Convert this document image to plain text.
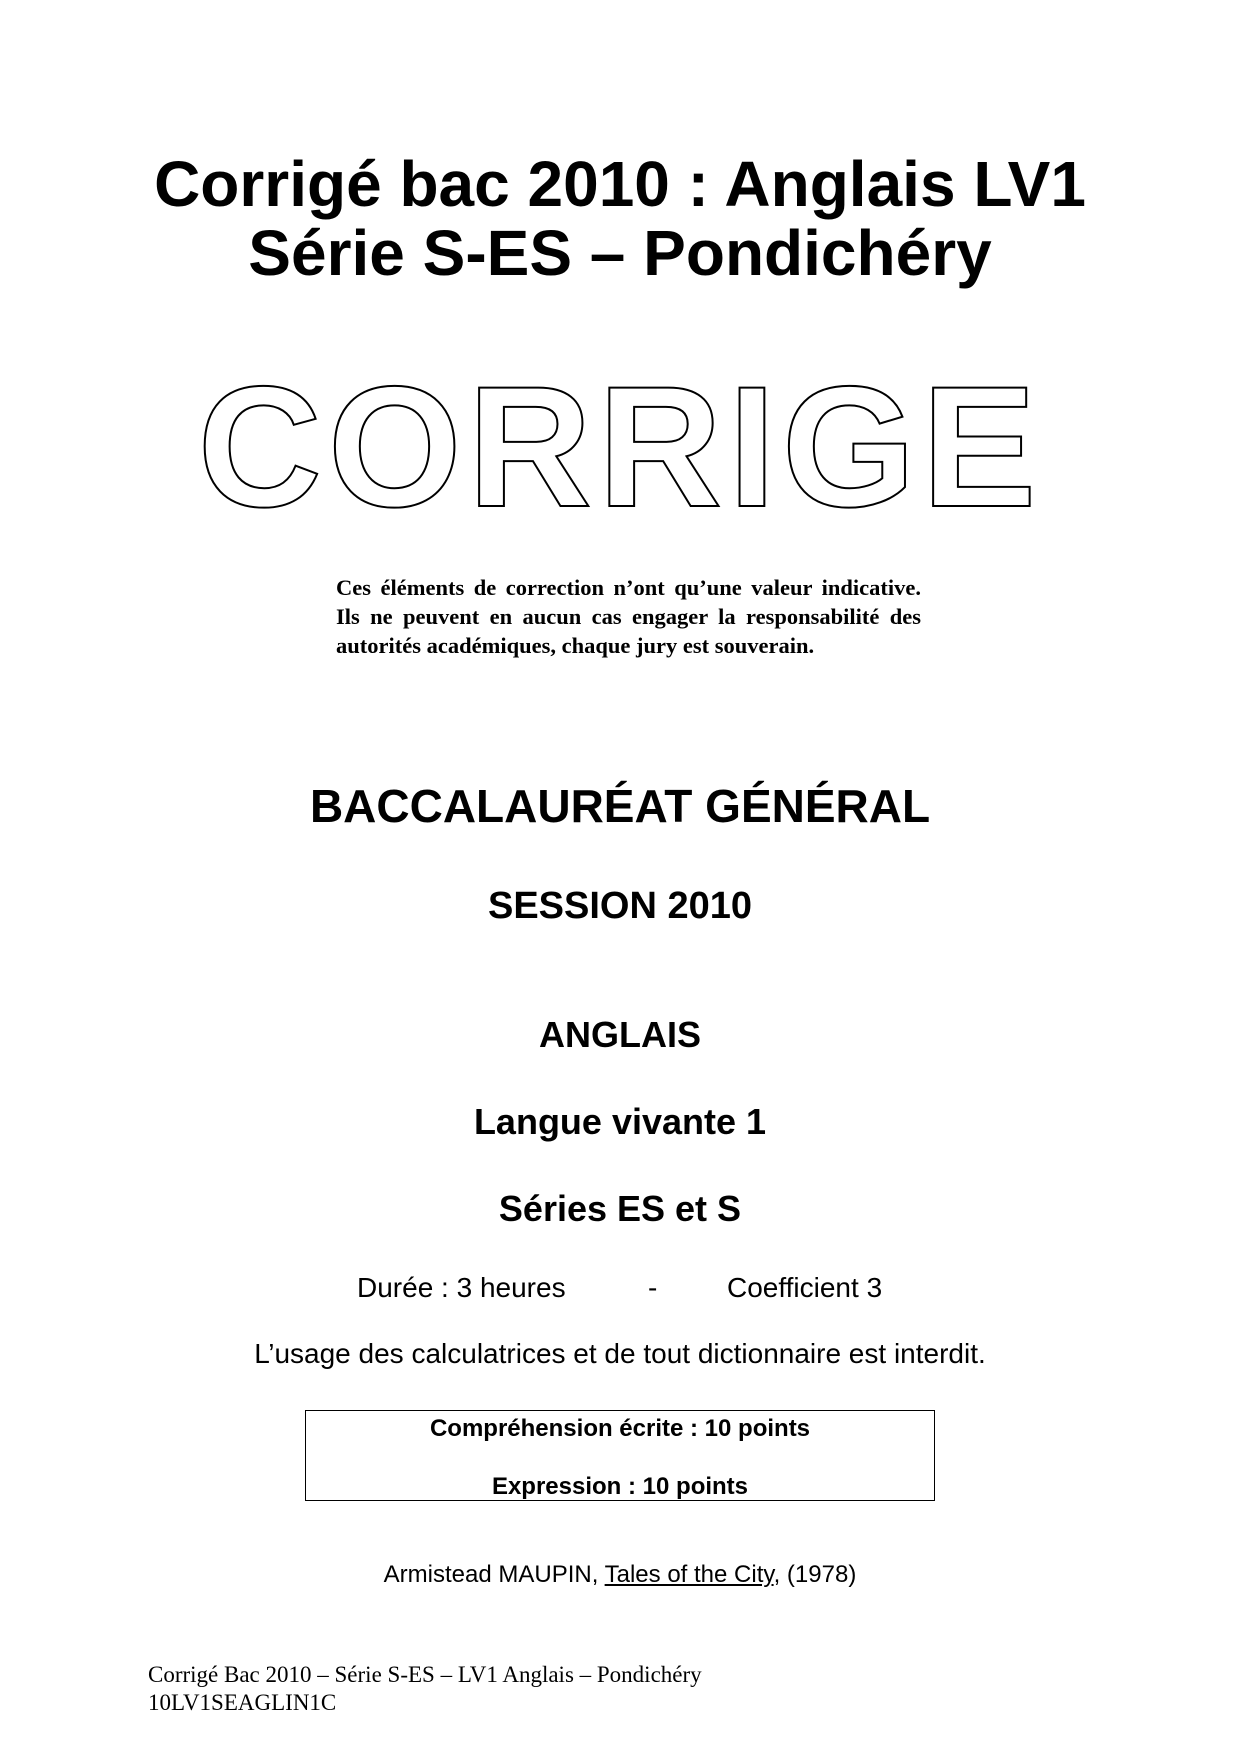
Corrigé bac 2010 : Anglais LV1
Série S-ES – Pondichéry
CORRIGE

Ces éléments de correction n’ont qu’une valeur indicative. Ils ne peuvent en aucun cas engager la responsabilité des autorités académiques, chaque jury est souverain.

BACCALAURÉAT GÉNÉRAL
SESSION 2010
ANGLAIS
Langue vivante 1
Séries ES et S
Durée : 3 heures	- Coefficient 3

L’usage des calculatrices et de tout dictionnaire est interdit.

Compréhension écrite : 10 points

Expression : 10 points

Armistead MAUPIN, Tales of the City, (1978)

Corrigé Bac 2010 – Série S-ES – LV1 Anglais – Pondichéry
10LV1SEAGLIN1C
